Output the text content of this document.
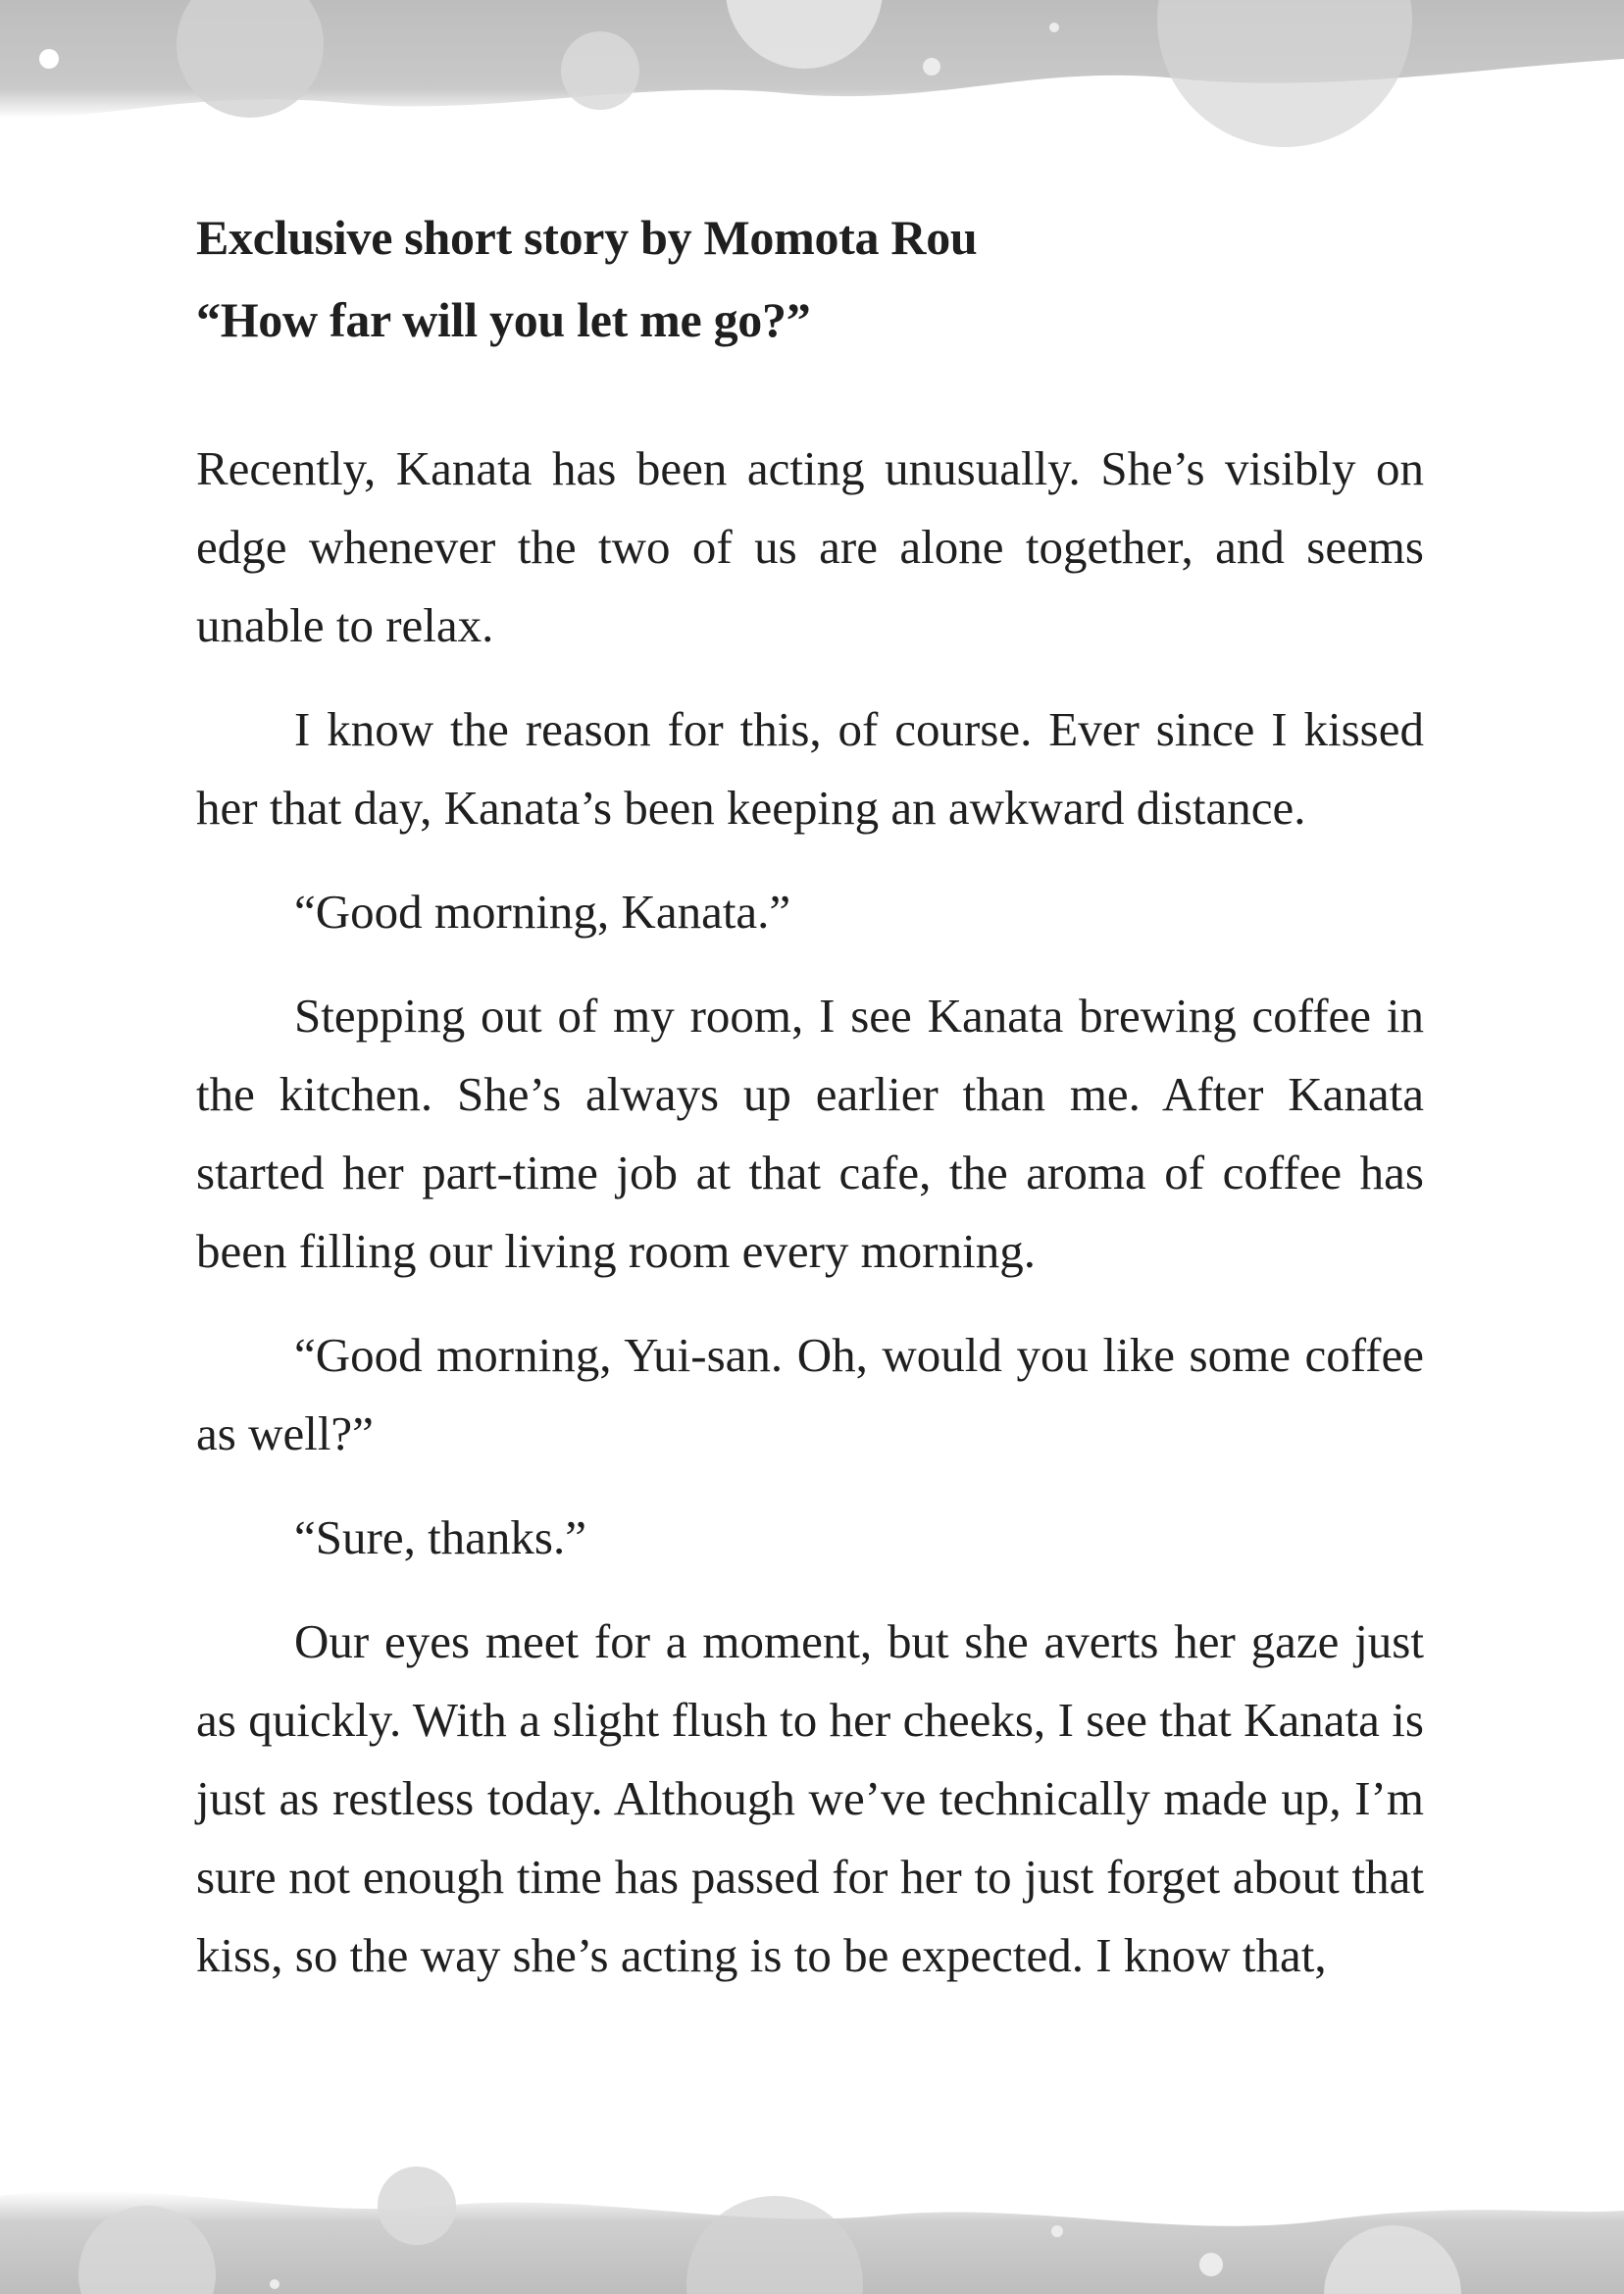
Exclusive short story by Momota Rou

“How far will you let me go?”

Recently, Kanata has been acting unusually. She’s visibly on edge whenever the two of us are alone together, and seems unable to relax.

I know the reason for this, of course. Ever since I kissed her that day, Kanata’s been keeping an awkward distance.

“Good morning, Kanata.”

Stepping out of my room, I see Kanata brewing coffee in the kitchen. She’s always up earlier than me. After Kanata started her part-time job at that cafe, the aroma of coffee has been filling our living room every morning.

“Good morning, Yui-san. Oh, would you like some coffee as well?”

“Sure, thanks.”

Our eyes meet for a moment, but she averts her gaze just as quickly. With a slight flush to her cheeks, I see that Kanata is just as restless today. Although we’ve technically made up, I’m sure not enough time has passed for her to just forget about that kiss, so the way she’s acting is to be expected. I know that,
